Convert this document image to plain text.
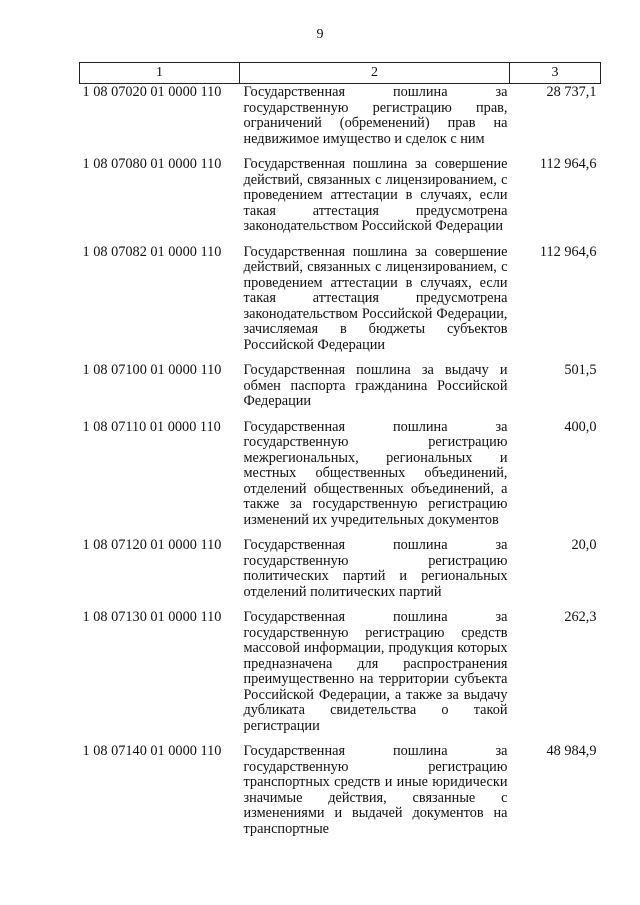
9
1	2	3
1 08 07020 01 0000 110	Государственная пошлина за государственную регистрацию прав, ограничений (обременений) прав на недвижимое имущество и сделок с ним	28 737,1
1 08 07080 01 0000 110	Государственная пошлина за совершение действий, связанных с лицензированием, с проведением аттестации в случаях, если такая аттестация предусмотрена законодательством Российской Федерации	112 964,6
1 08 07082 01 0000 110	Государственная пошлина за совершение действий, связанных с лицензированием, с проведением аттестации в случаях, если такая аттестация предусмотрена законодательством Российской Федерации, зачисляемая в бюджеты субъектов Российской Федерации	112 964,6
1 08 07100 01 0000 110	Государственная пошлина за выдачу и обмен паспорта гражданина Российской Федерации	501,5
1 08 07110 01 0000 110	Государственная пошлина за государственную регистрацию межрегиональных, региональных и местных общественных объединений, отделений общественных объединений, а также за государственную регистрацию изменений их учредительных документов	400,0
1 08 07120 01 0000 110	Государственная пошлина за государственную регистрацию политических партий и региональных отделений политических партий	20,0
1 08 07130 01 0000 110	Государственная пошлина за государственную регистрацию средств массовой информации, продукция которых предназначена для распространения преимущественно на территории субъекта Российской Федерации, а также за выдачу дубликата свидетельства о такой регистрации	262,3
1 08 07140 01 0000 110	Государственная пошлина за государственную регистрацию транспортных средств и иные юридически значимые действия, связанные с изменениями и выдачей документов на транспортные	48 984,9
